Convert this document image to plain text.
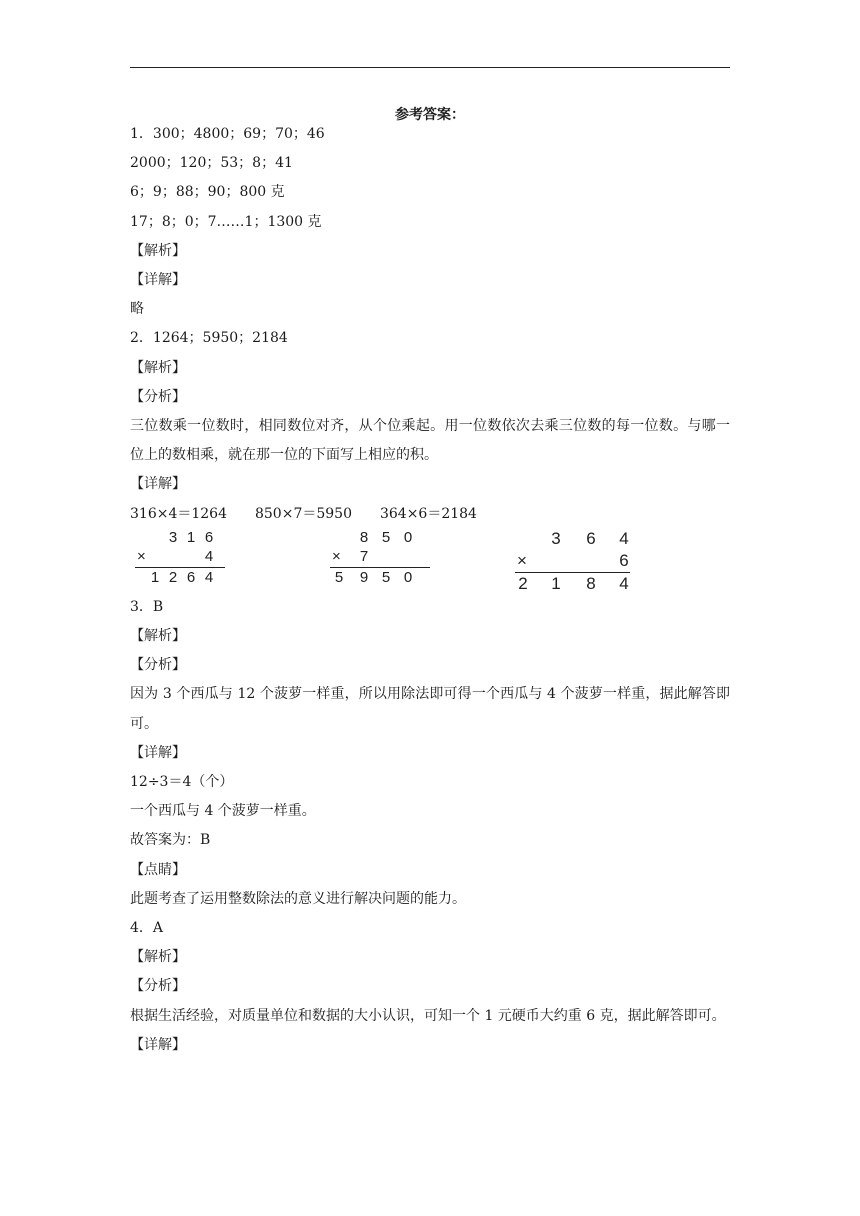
参考答案：
1．300；4800；69；70；46
2000；120；53；8；41
6；9；88；90；800 克
17；8；0；7……1；1300 克
【解析】
【详解】
略
2．1264；5950；2184
【解析】
【分析】
三位数乘一位数时，相同数位对齐，从个位乘起。用一位数依次去乘三位数的每一位数。与哪一位上的数相乘，就在那一位的下面写上相应的积。
【详解】
316×4＝1264　　850×7＝5950　　364×6＝2184
3 1 6
×	4
1 2 6 4
8 5 0
×	7
5	9 5 0
3 6 4
×	6
2 1 8 4
3．B
【解析】
【分析】
因为 3 个西瓜与 12 个菠萝一样重，所以用除法即可得一个西瓜与 4 个菠萝一样重，据此解答即可。
【详解】
12÷3＝4（个）
一个西瓜与 4 个菠萝一样重。
故答案为：B
【点睛】
此题考查了运用整数除法的意义进行解决问题的能力。
4．A
【解析】
【分析】
根据生活经验，对质量单位和数据的大小认识，可知一个 1 元硬币大约重 6 克，据此解答即可。
【详解】
